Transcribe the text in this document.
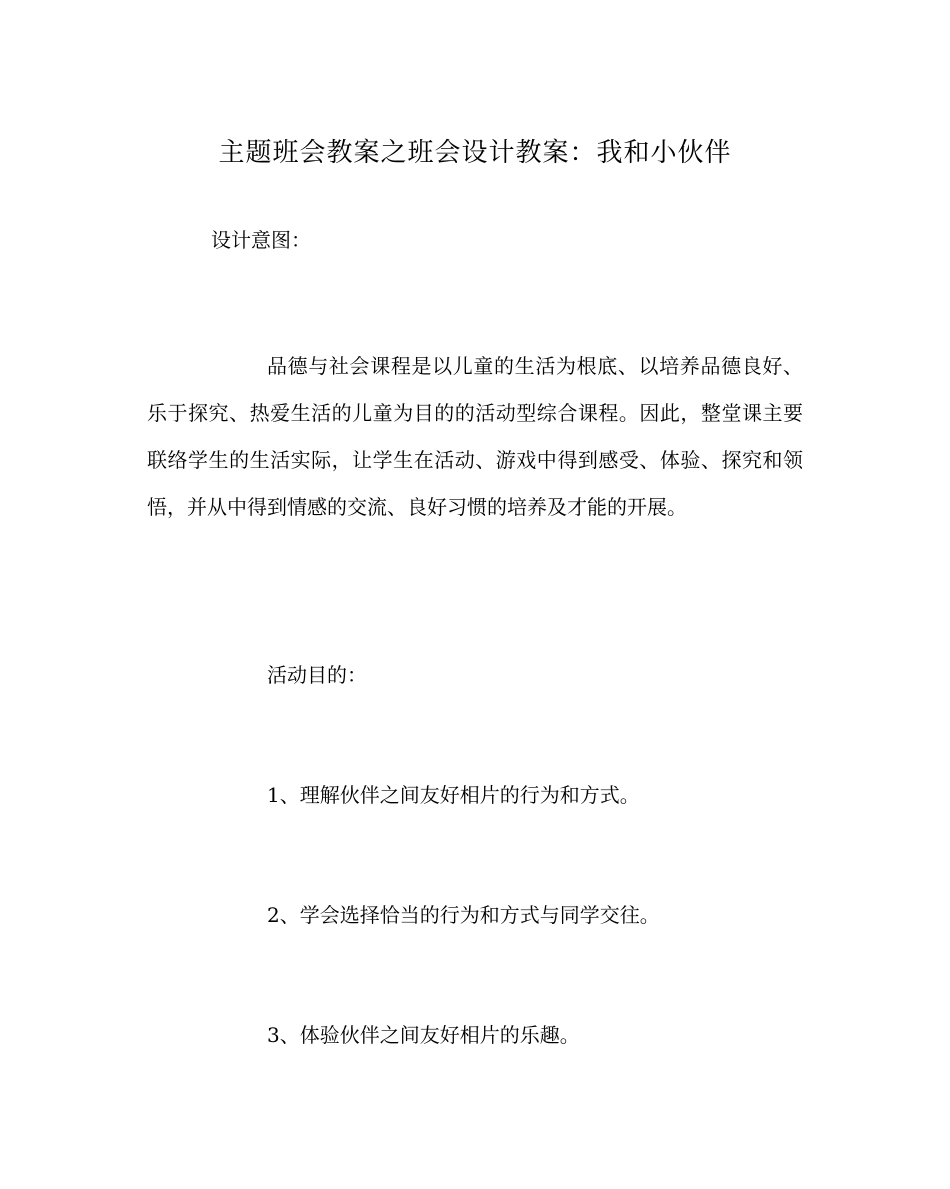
主题班会教案之班会设计教案：我和小伙伴
设计意图：

品德与社会课程是以儿童的生活为根底、以培养品德良好、乐于探究、热爱生活的儿童为目的的活动型综合课程。因此，整堂课主要联络学生的生活实际，让学生在活动、游戏中得到感受、体验、探究和领悟，并从中得到情感的交流、良好习惯的培养及才能的开展。

活动目的：
1、理解伙伴之间友好相片的行为和方式。
2、学会选择恰当的行为和方式与同学交往。
3、体验伙伴之间友好相片的乐趣。
